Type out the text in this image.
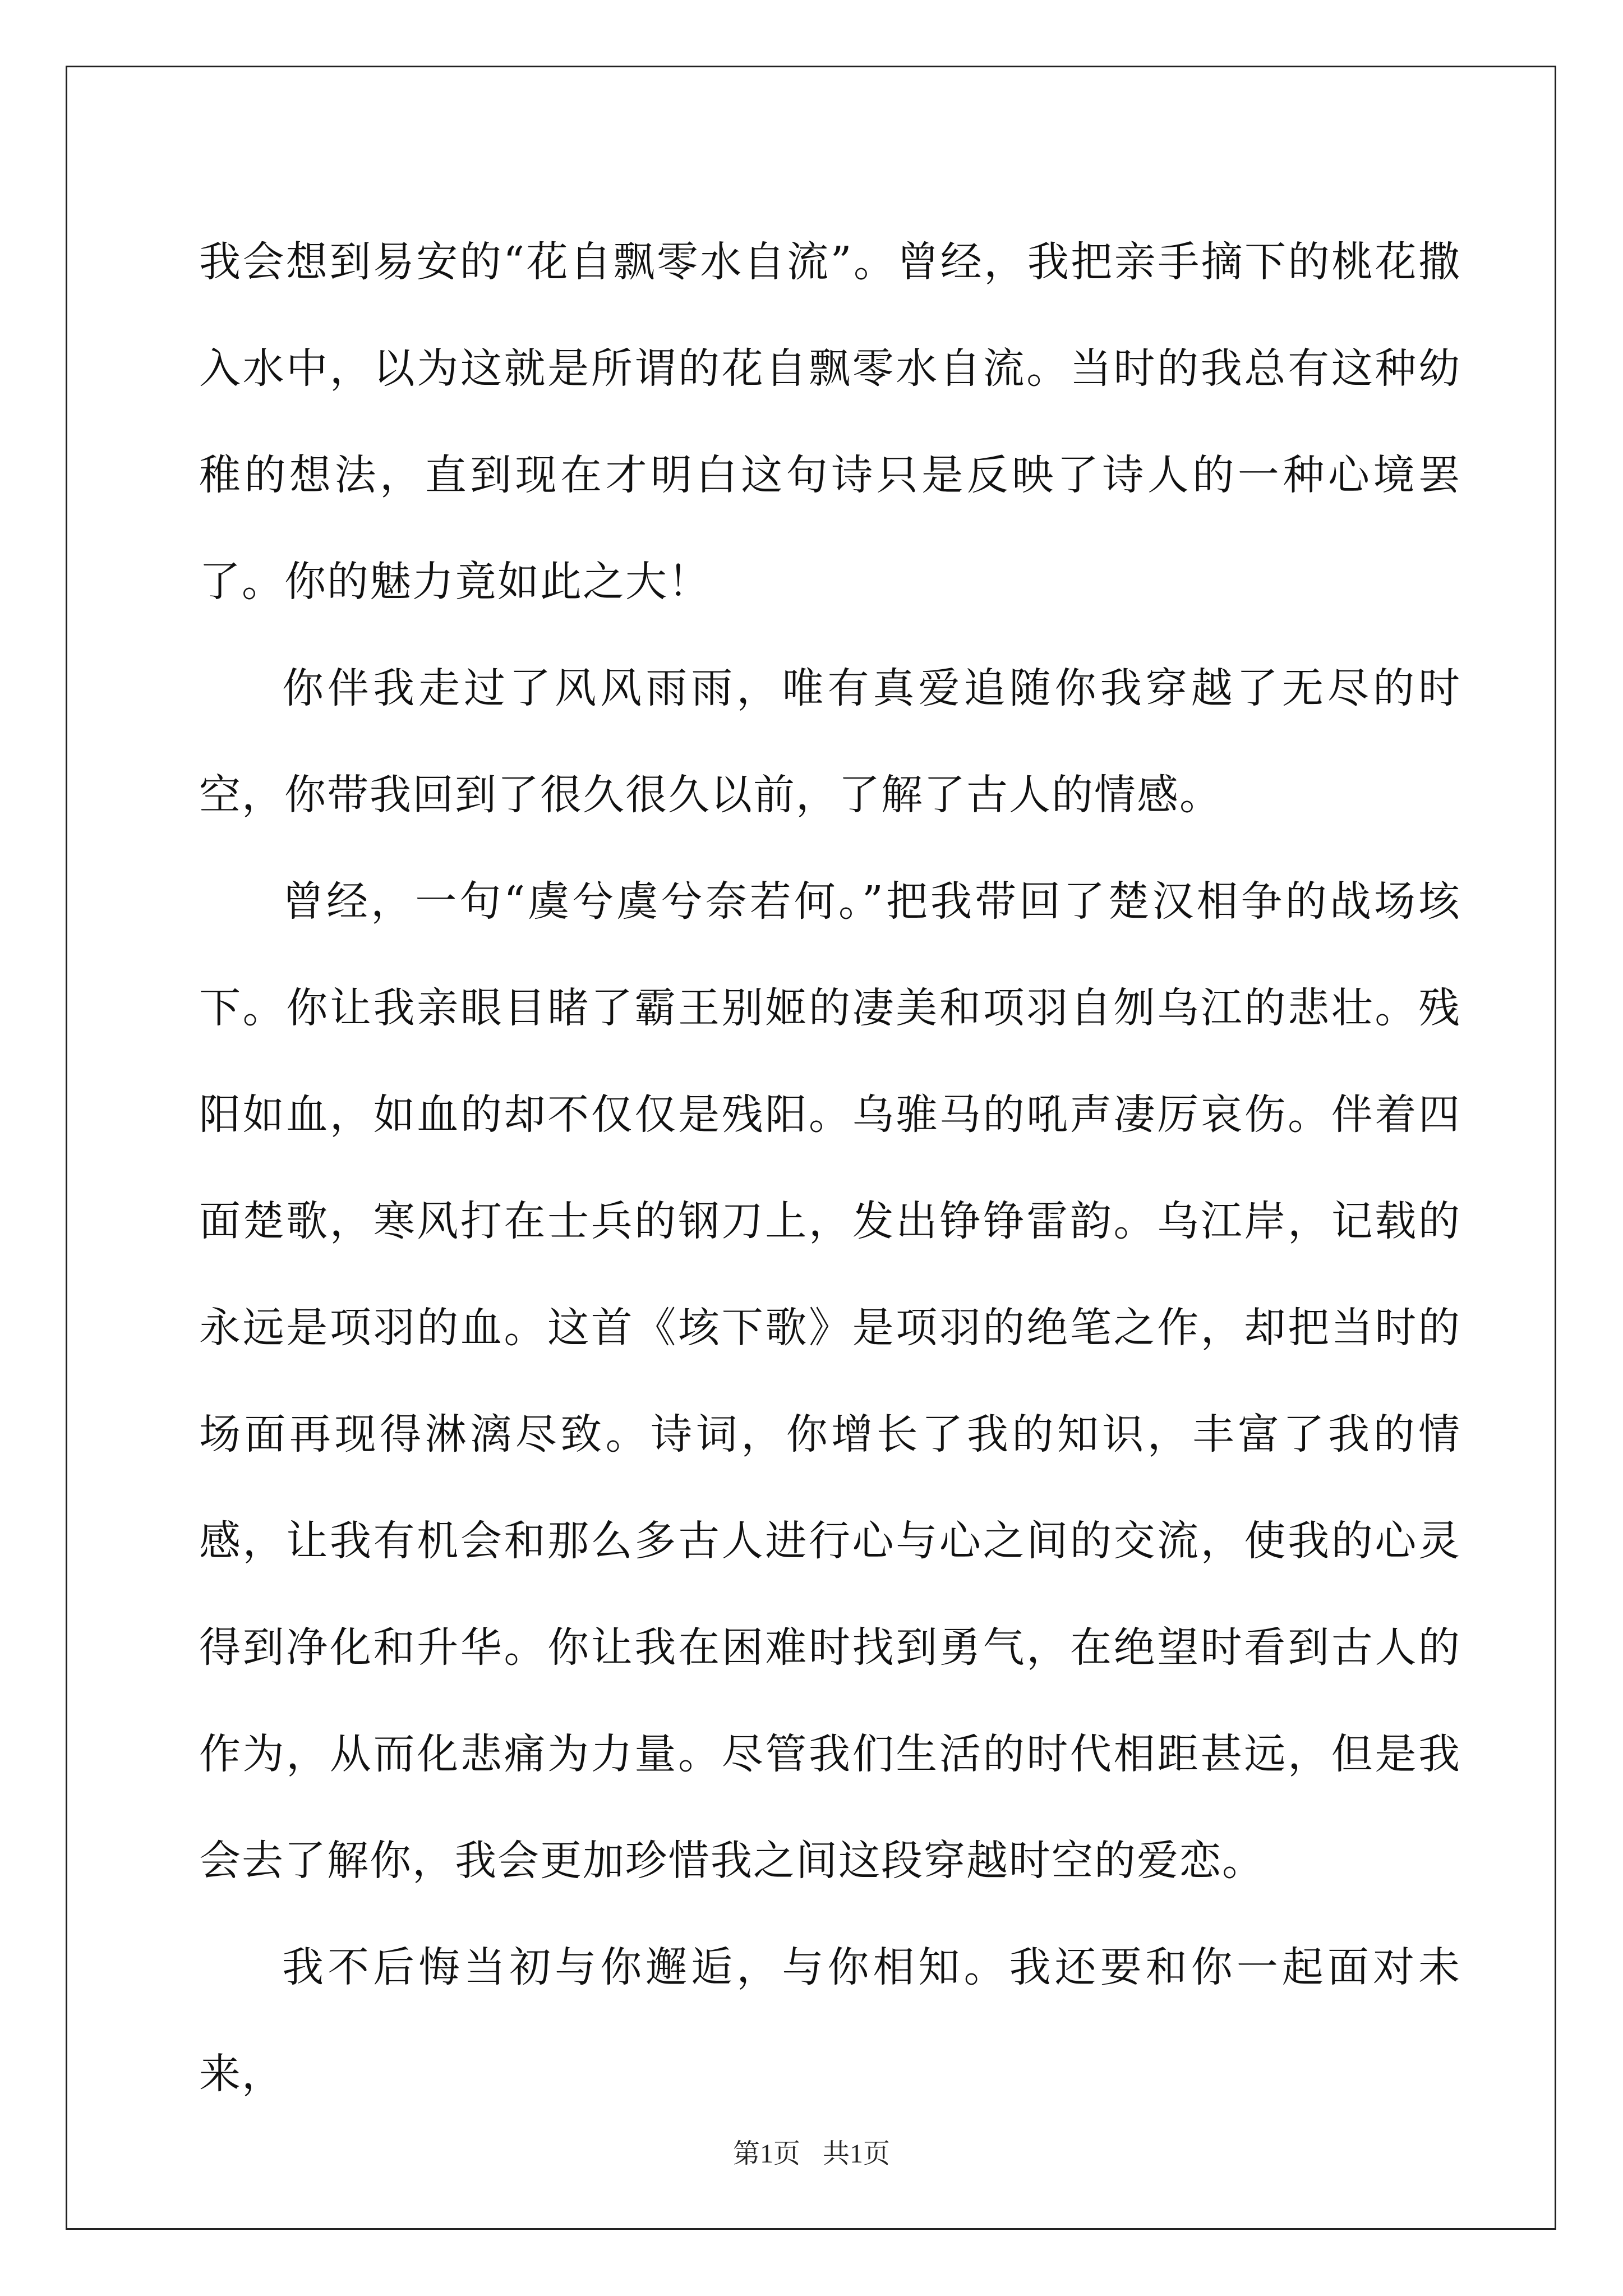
我会想到易安的“花自飘零水自流”。曾经，我把亲手摘下的桃花撒入水中，以为这就是所谓的花自飘零水自流。当时的我总有这种幼稚的想法，直到现在才明白这句诗只是反映了诗人的一种心境罢了。你的魅力竟如此之大！

你伴我走过了风风雨雨，唯有真爱追随你我穿越了无尽的时空，你带我回到了很久很久以前，了解了古人的情感。

曾经，一句“虞兮虞兮奈若何。”把我带回了楚汉相争的战场垓下。你让我亲眼目睹了霸王别姬的凄美和项羽自刎乌江的悲壮。残阳如血，如血的却不仅仅是残阳。乌骓马的吼声凄厉哀伤。伴着四面楚歌，寒风打在士兵的钢刀上，发出铮铮雷韵。乌江岸，记载的永远是项羽的血。这首《垓下歌》是项羽的绝笔之作，却把当时的场面再现得淋漓尽致。诗词，你增长了我的知识，丰富了我的情感，让我有机会和那么多古人进行心与心之间的交流，使我的心灵得到净化和升华。你让我在困难时找到勇气，在绝望时看到古人的作为，从而化悲痛为力量。尽管我们生活的时代相距甚远，但是我会去了解你，我会更加珍惜我之间这段穿越时空的爱恋。

我不后悔当初与你邂逅，与你相知。我还要和你一起面对未来，

第1页 共1页
